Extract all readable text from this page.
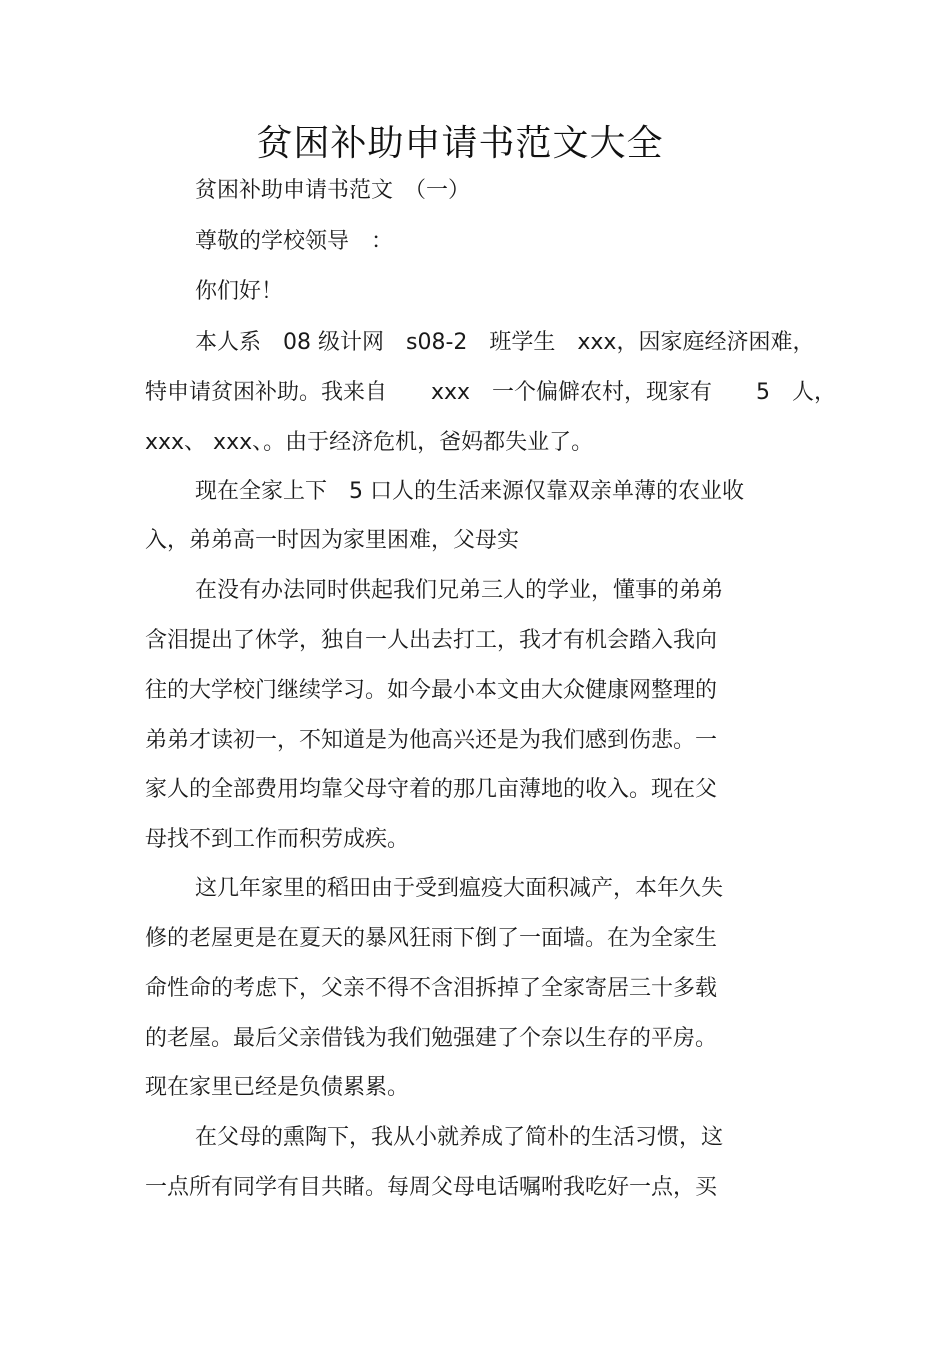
贫困补助申请书范文大全

贫困补助申请书范文　（一）

尊敬的学校领导　：

你们好！

本人系　08 级计网　s08-2　班学生　xxx，因家庭经济困难，

特申请贫困补助。我来自　　xxx　一个偏僻农村，现家有　　5　人，

xxx、 xxx、。由于经济危机，爸妈都失业了。

现在全家上下　5 口人的生活来源仅靠双亲单薄的农业收

入，弟弟高一时因为家里困难，父母实

在没有办法同时供起我们兄弟三人的学业，懂事的弟弟

含泪提出了休学，独自一人出去打工，我才有机会踏入我向

往的大学校门继续学习。如今最小本文由大众健康网整理的

弟弟才读初一，不知道是为他高兴还是为我们感到伤悲。一

家人的全部费用均靠父母守着的那几亩薄地的收入。现在父

母找不到工作而积劳成疾。

这几年家里的稻田由于受到瘟疫大面积减产，本年久失

修的老屋更是在夏天的暴风狂雨下倒了一面墙。在为全家生

命性命的考虑下，父亲不得不含泪拆掉了全家寄居三十多载

的老屋。最后父亲借钱为我们勉强建了个奈以生存的平房。

现在家里已经是负债累累。

在父母的熏陶下，我从小就养成了简朴的生活习惯，这

一点所有同学有目共睹。每周父母电话嘱咐我吃好一点，买
